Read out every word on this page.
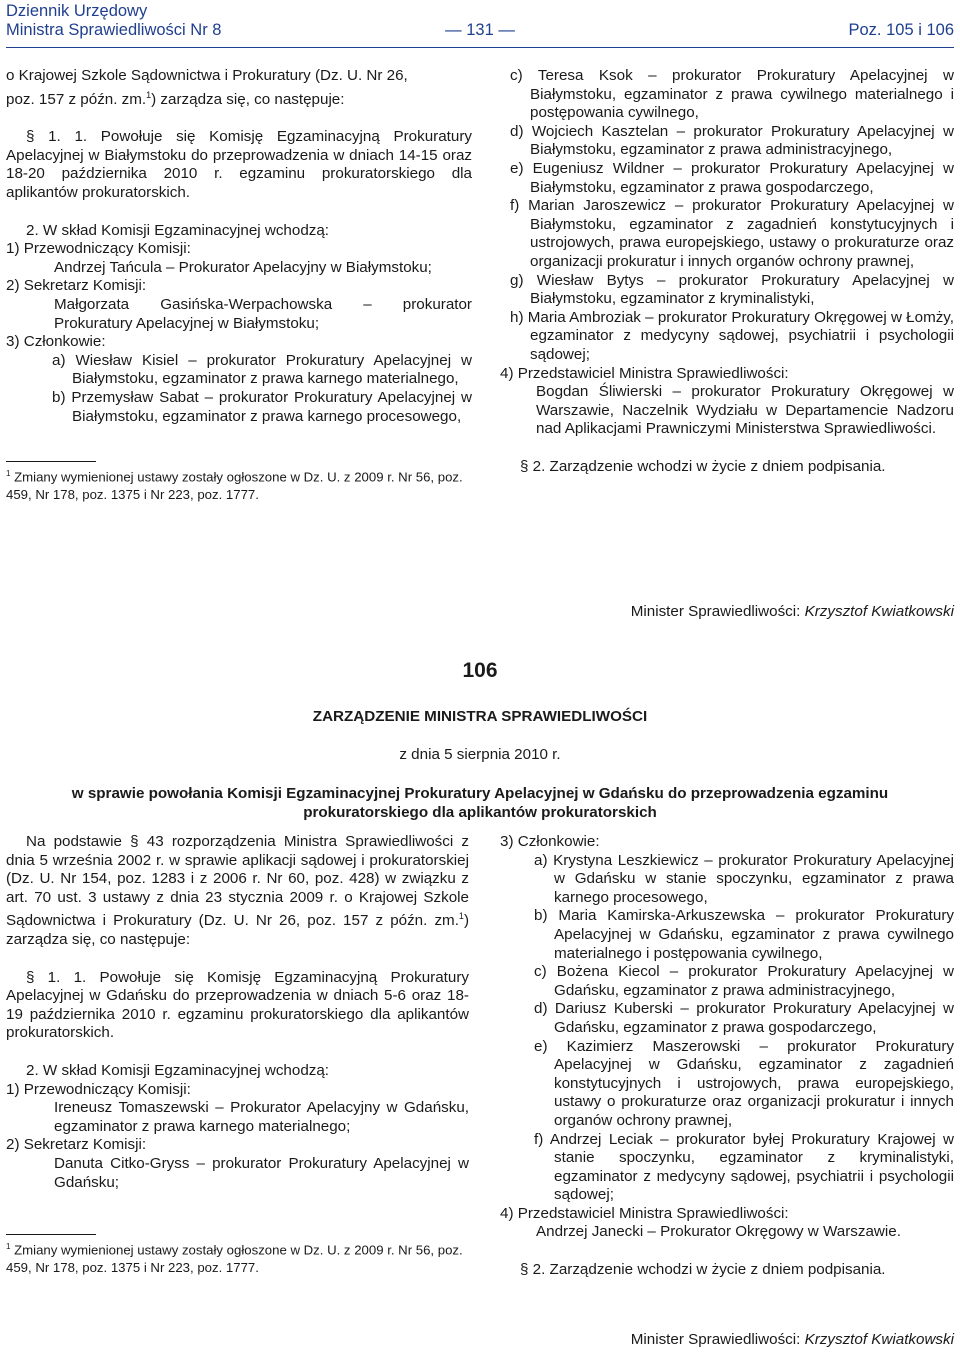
Dziennik Urzędowy
Ministra Sprawiedliwości Nr 8	— 131 —	Poz. 105 i 106

o Krajowej Szkole Sądownictwa i Prokuratury (Dz. U. Nr 26,
poz. 157 z późn. zm.$^1$) zarządza się, co następuje:

§ 1. 1. Powołuje się Komisję Egzaminacyjną Prokuratury Apelacyjnej w Białymstoku do przeprowadzenia w dniach 14-15 oraz 18-20 października 2010 r. egzaminu prokuratorskiego dla aplikantów prokuratorskich.

2. W skład Komisji Egzaminacyjnej wchodzą:

1) Przewodniczący Komisji:

Andrzej Tańcula – Prokurator Apelacyjny w Białymstoku;

2) Sekretarz Komisji:

Małgorzata Gasińska-Werpachowska – prokurator Prokuratury Apelacyjnej w Białymstoku;

3) Członkowie:

a) Wiesław Kisiel – prokurator Prokuratury Apelacyjnej w Białymstoku, egzaminator z prawa karnego materialnego,

b) Przemysław Sabat – prokurator Prokuratury Apelacyjnej w Białymstoku, egzaminator z prawa karnego procesowego,

$^1$ Zmiany wymienionej ustawy zostały ogłoszone w Dz. U. z 2009 r. Nr 56, poz. 459, Nr 178, poz. 1375 i Nr 223, poz. 1777.

c) Teresa Ksok – prokurator Prokuratury Apelacyjnej w Białymstoku, egzaminator z prawa cywilnego materialnego i postępowania cywilnego,

d) Wojciech Kasztelan – prokurator Prokuratury Apelacyjnej w Białymstoku, egzaminator z prawa administracyjnego,

e) Eugeniusz Wildner – prokurator Prokuratury Apelacyjnej w Białymstoku, egzaminator z prawa gospodarczego,

f) Marian Jaroszewicz – prokurator Prokuratury Apelacyjnej w Białymstoku, egzaminator z zagadnień konstytucyjnych i ustrojowych, prawa europejskiego, ustawy o prokuraturze oraz organizacji prokuratur i innych organów ochrony prawnej,

g) Wiesław Bytys – prokurator Prokuratury Apelacyjnej w Białymstoku, egzaminator z kryminalistyki,

h) Maria Ambroziak – prokurator Prokuratury Okręgowej w Łomży, egzaminator z medycyny sądowej, psychiatrii i psychologii sądowej;

4) Przedstawiciel Ministra Sprawiedliwości:

Bogdan Śliwierski – prokurator Prokuratury Okręgowej w Warszawie, Naczelnik Wydziału w Departamencie Nadzoru nad Aplikacjami Prawniczymi Ministerstwa Sprawiedliwości.

§ 2. Zarządzenie wchodzi w życie z dniem podpisania.

Minister Sprawiedliwości: Krzysztof Kwiatkowski
106
ZARZĄDZENIE MINISTRA SPRAWIEDLIWOŚCI
z dnia 5 sierpnia 2010 r.
w sprawie powołania Komisji Egzaminacyjnej Prokuratury Apelacyjnej w Gdańsku do przeprowadzenia egzaminu prokuratorskiego dla aplikantów prokuratorskich

Na podstawie § 43 rozporządzenia Ministra Sprawiedliwości z dnia 5 września 2002 r. w sprawie aplikacji sądowej i prokuratorskiej (Dz. U. Nr 154, poz. 1283 i z 2006 r. Nr 60, poz. 428) w związku z art. 70 ust. 3 ustawy z dnia 23 stycznia 2009 r. o Krajowej Szkole Sądownictwa i Prokuratury (Dz. U. Nr 26, poz. 157 z późn. zm.$^1$) zarządza się, co następuje:

§ 1. 1. Powołuje się Komisję Egzaminacyjną Prokuratury Apelacyjnej w Gdańsku do przeprowadzenia w dniach 5-6 oraz 18-19 października 2010 r. egzaminu prokuratorskiego dla aplikantów prokuratorskich.

2. W skład Komisji Egzaminacyjnej wchodzą:

1) Przewodniczący Komisji:

Ireneusz Tomaszewski – Prokurator Apelacyjny w Gdańsku, egzaminator z prawa karnego materialnego;

2) Sekretarz Komisji:

Danuta Citko-Gryss – prokurator Prokuratury Apelacyjnej w Gdańsku;

$^1$ Zmiany wymienionej ustawy zostały ogłoszone w Dz. U. z 2009 r. Nr 56, poz. 459, Nr 178, poz. 1375 i Nr 223, poz. 1777.

3) Członkowie:

a) Krystyna Leszkiewicz – prokurator Prokuratury Apelacyjnej w Gdańsku w stanie spoczynku, egzaminator z prawa karnego procesowego,

b) Maria Kamirska-Arkuszewska – prokurator Prokuratury Apelacyjnej w Gdańsku, egzaminator z prawa cywilnego materialnego i postępowania cywilnego,

c) Bożena Kiecol – prokurator Prokuratury Apelacyjnej w Gdańsku, egzaminator z prawa administracyjnego,

d) Dariusz Kuberski – prokurator Prokuratury Apelacyjnej w Gdańsku, egzaminator z prawa gospodarczego,

e) Kazimierz Maszerowski – prokurator Prokuratury Apelacyjnej w Gdańsku, egzaminator z zagadnień konstytucyjnych i ustrojowych, prawa europejskiego, ustawy o prokuraturze oraz organizacji prokuratur i innych organów ochrony prawnej,

f) Andrzej Leciak – prokurator byłej Prokuratury Krajowej w stanie spoczynku, egzaminator z kryminalistyki, egzaminator z medycyny sądowej, psychiatrii i psychologii sądowej;

4) Przedstawiciel Ministra Sprawiedliwości:

Andrzej Janecki – Prokurator Okręgowy w Warszawie.

§ 2. Zarządzenie wchodzi w życie z dniem podpisania.

Minister Sprawiedliwości: Krzysztof Kwiatkowski
